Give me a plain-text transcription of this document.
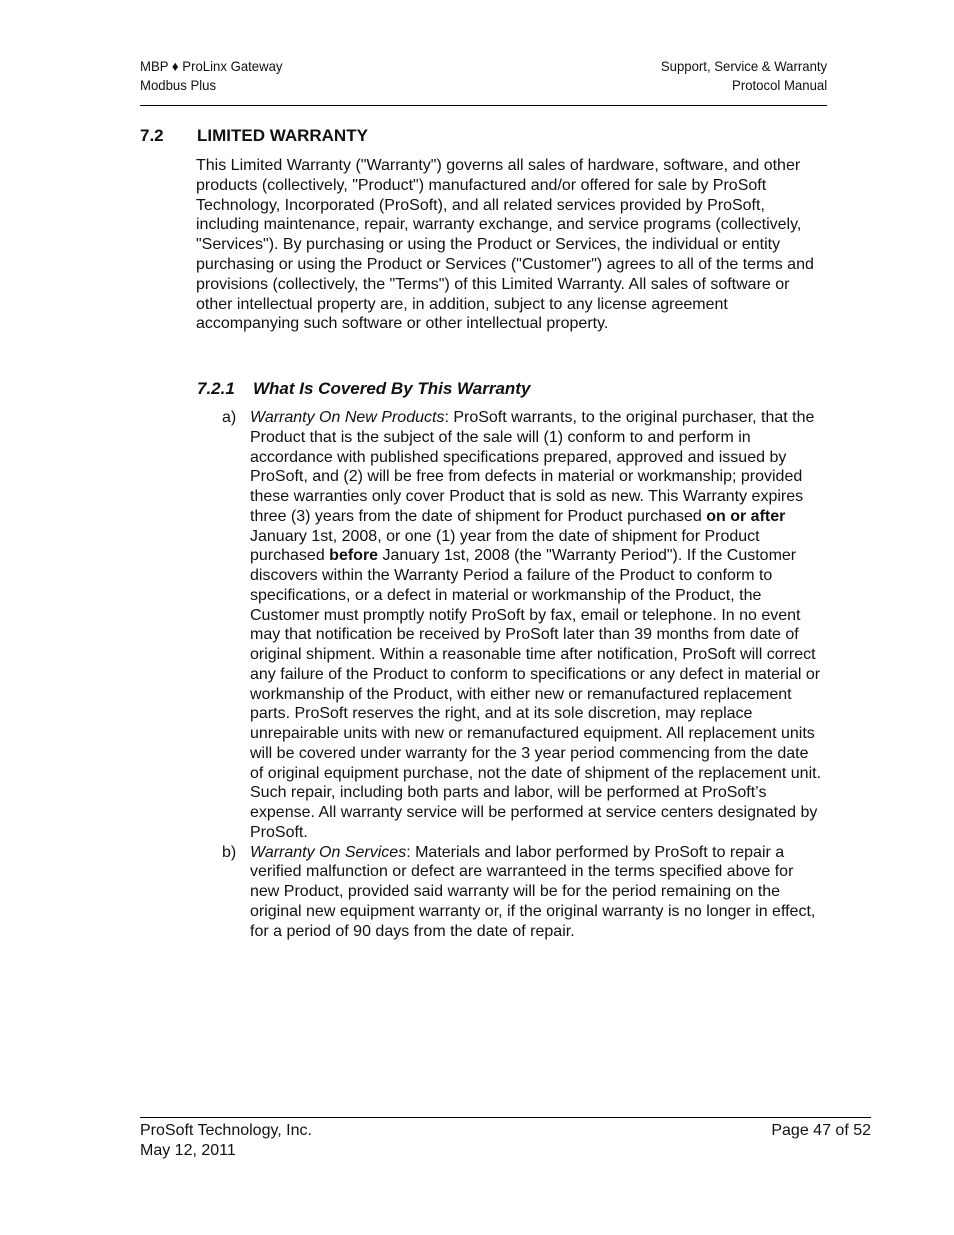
MBP ♦ ProLinx Gateway
Modbus Plus
Support, Service & Warranty
Protocol Manual
7.2 LIMITED WARRANTY

This Limited Warranty ("Warranty") governs all sales of hardware, software, and other products (collectively, "Product") manufactured and/or offered for sale by ProSoft Technology, Incorporated (ProSoft), and all related services provided by ProSoft, including maintenance, repair, warranty exchange, and service programs (collectively, "Services"). By purchasing or using the Product or Services, the individual or entity purchasing or using the Product or Services ("Customer") agrees to all of the terms and provisions (collectively, the "Terms") of this Limited Warranty. All sales of software or other intellectual property are, in addition, subject to any license agreement accompanying such software or other intellectual property.

7.2.1 What Is Covered By This Warranty
a) Warranty On New Products: ProSoft warrants, to the original purchaser, that the Product that is the subject of the sale will (1) conform to and perform in accordance with published specifications prepared, approved and issued by ProSoft, and (2) will be free from defects in material or workmanship; provided these warranties only cover Product that is sold as new. This Warranty expires three (3) years from the date of shipment for Product purchased on or after January 1st, 2008, or one (1) year from the date of shipment for Product purchased before January 1st, 2008 (the "Warranty Period"). If the Customer discovers within the Warranty Period a failure of the Product to conform to specifications, or a defect in material or workmanship of the Product, the Customer must promptly notify ProSoft by fax, email or telephone. In no event may that notification be received by ProSoft later than 39 months from date of original shipment. Within a reasonable time after notification, ProSoft will correct any failure of the Product to conform to specifications or any defect in material or workmanship of the Product, with either new or remanufactured replacement parts. ProSoft reserves the right, and at its sole discretion, may replace unrepairable units with new or remanufactured equipment. All replacement units will be covered under warranty for the 3 year period commencing from the date of original equipment purchase, not the date of shipment of the replacement unit. Such repair, including both parts and labor, will be performed at ProSoft’s expense. All warranty service will be performed at service centers designated by ProSoft.
b) Warranty On Services: Materials and labor performed by ProSoft to repair a verified malfunction or defect are warranteed in the terms specified above for new Product, provided said warranty will be for the period remaining on the original new equipment warranty or, if the original warranty is no longer in effect, for a period of 90 days from the date of repair.
ProSoft Technology, Inc.
May 12, 2011
Page 47 of 52
